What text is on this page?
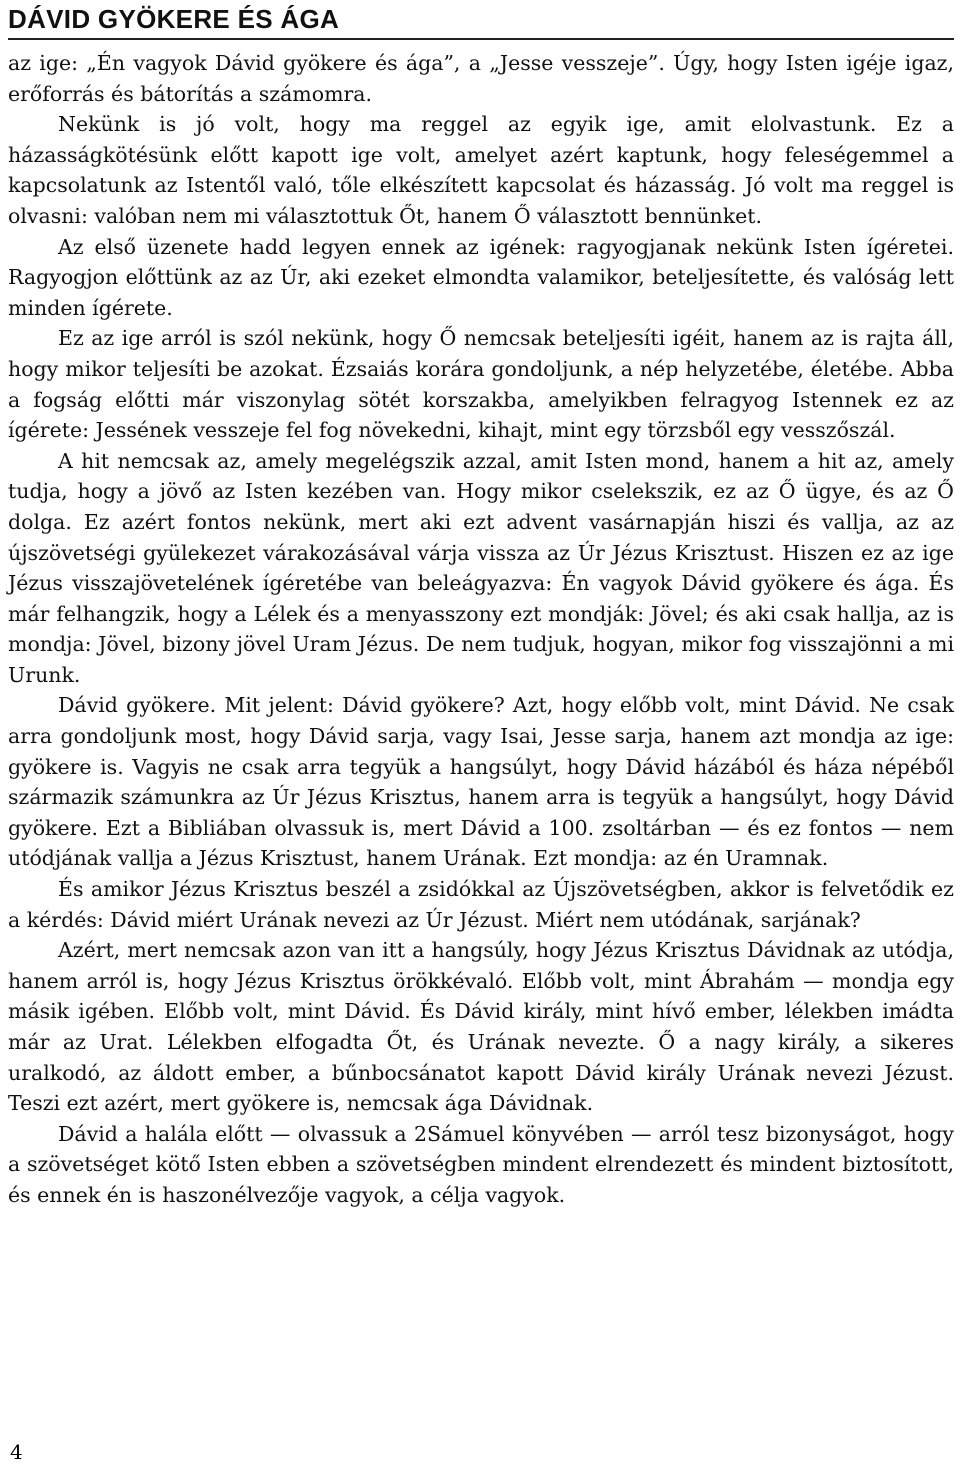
DÁVID GYÖKERE ÉS ÁGA

az ige: „Én vagyok Dávid gyökere és ága”, a „Jesse vesszeje”. Úgy, hogy Isten igéje igaz, erőforrás és bátorítás a számomra.

Nekünk is jó volt, hogy ma reggel az egyik ige, amit elolvastunk. Ez a házasságkötésünk előtt kapott ige volt, amelyet azért kaptunk, hogy feleségemmel a kapcsolatunk az Istentől való, tőle elkészített kapcsolat és házasság. Jó volt ma reggel is olvasni: valóban nem mi választottuk Őt, hanem Ő választott bennünket.

Az első üzenete hadd legyen ennek az igének: ragyogjanak nekünk Isten ígéretei. Ragyogjon előttünk az az Úr, aki ezeket elmondta valamikor, beteljesítette, és valóság lett minden ígérete.

Ez az ige arról is szól nekünk, hogy Ő nemcsak beteljesíti igéit, hanem az is rajta áll, hogy mikor teljesíti be azokat. Ézsaiás korára gondoljunk, a nép helyzetébe, életébe. Abba a fogság előtti már viszonylag sötét korszakba, amelyikben felragyog Istennek ez az ígérete: Jessének vesszeje fel fog növekedni, kihajt, mint egy törzsből egy vesszőszál.

A hit nemcsak az, amely megelégszik azzal, amit Isten mond, hanem a hit az, amely tudja, hogy a jövő az Isten kezében van. Hogy mikor cselekszik, ez az Ő ügye, és az Ő dolga. Ez azért fontos nekünk, mert aki ezt advent vasárnapján hiszi és vallja, az az újszövetségi gyülekezet várakozásával várja vissza az Úr Jézus Krisztust. Hiszen ez az ige Jézus visszajövetelének ígéretébe van beleágyazva: Én vagyok Dávid gyökere és ága. És már felhangzik, hogy a Lélek és a menyasszony ezt mondják: Jövel; és aki csak hallja, az is mondja: Jövel, bizony jövel Uram Jézus. De nem tudjuk, hogyan, mikor fog visszajönni a mi Urunk.

Dávid gyökere. Mit jelent: Dávid gyökere? Azt, hogy előbb volt, mint Dávid. Ne csak arra gondoljunk most, hogy Dávid sarja, vagy Isai, Jesse sarja, hanem azt mondja az ige: gyökere is. Vagyis ne csak arra tegyük a hangsúlyt, hogy Dávid házából és háza népéből származik számunkra az Úr Jézus Krisztus, hanem arra is tegyük a hangsúlyt, hogy Dávid gyökere. Ezt a Bibliában olvassuk is, mert Dávid a 100. zsoltárban — és ez fontos — nem utódjának vallja a Jézus Krisztust, hanem Urának. Ezt mondja: az én Uramnak.

És amikor Jézus Krisztus beszél a zsidókkal az Újszövetségben, akkor is felvetődik ez a kérdés: Dávid miért Urának nevezi az Úr Jézust. Miért nem utódának, sarjának?

Azért, mert nemcsak azon van itt a hangsúly, hogy Jézus Krisztus Dávidnak az utódja, hanem arról is, hogy Jézus Krisztus örökkévaló. Előbb volt, mint Ábrahám — mondja egy másik igében. Előbb volt, mint Dávid. És Dávid király, mint hívő ember, lélekben imádta már az Urat. Lélekben elfogadta Őt, és Urának nevezte. Ő a nagy király, a sikeres uralkodó, az áldott ember, a bűnbocsánatot kapott Dávid király Urának nevezi Jézust. Teszi ezt azért, mert gyökere is, nemcsak ága Dávidnak.

Dávid a halála előtt — olvassuk a 2Sámuel könyvében — arról tesz bizonyságot, hogy a szövetséget kötő Isten ebben a szövetségben mindent elrendezett és mindent biztosított, és ennek én is haszonélvezője vagyok, a célja vagyok.

4
